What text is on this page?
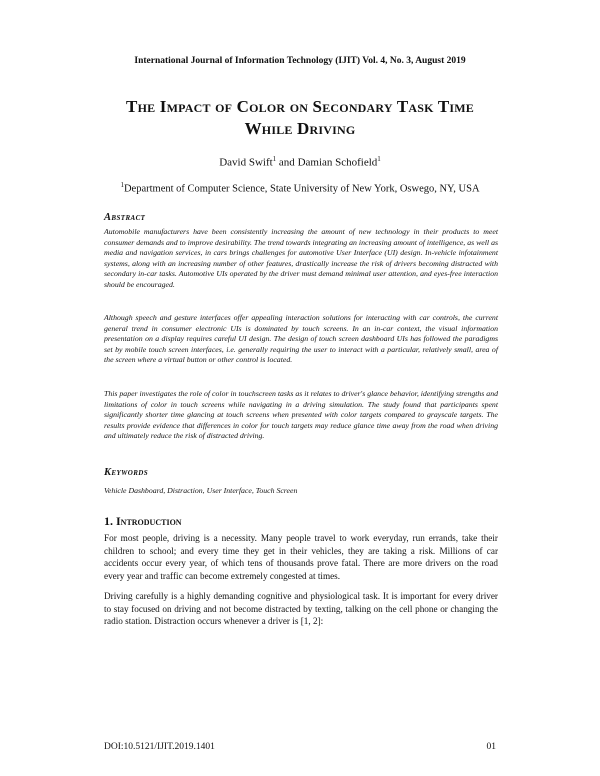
International Journal of Information Technology (IJIT) Vol. 4, No. 3, August 2019
The Impact of Color on Secondary Task Time While Driving
David Swift$^1$ and Damian Schofield$^1$
$^1$Department of Computer Science, State University of New York, Oswego, NY, USA
Abstract

Automobile manufacturers have been consistently increasing the amount of new technology in their products to meet consumer demands and to improve desirability. The trend towards integrating an increasing amount of intelligence, as well as media and navigation services, in cars brings challenges for automotive User Interface (UI) design. In-vehicle infotainment systems, along with an increasing number of other features, drastically increase the risk of drivers becoming distracted with secondary in-car tasks. Automotive UIs operated by the driver must demand minimal user attention, and eyes-free interaction should be encouraged.

Although speech and gesture interfaces offer appealing interaction solutions for interacting with car controls, the current general trend in consumer electronic UIs is dominated by touch screens. In an in-car context, the visual information presentation on a display requires careful UI design. The design of touch screen dashboard UIs has followed the paradigms set by mobile touch screen interfaces, i.e. generally requiring the user to interact with a particular, relatively small, area of the screen where a virtual button or other control is located.

This paper investigates the role of color in touchscreen tasks as it relates to driver's glance behavior, identifying strengths and limitations of color in touch screens while navigating in a driving simulation. The study found that participants spent significantly shorter time glancing at touch screens when presented with color targets compared to grayscale targets. The results provide evidence that differences in color for touch targets may reduce glance time away from the road when driving and ultimately reduce the risk of distracted driving.

Keywords
Vehicle Dashboard, Distraction, User Interface, Touch Screen
1. Introduction

For most people, driving is a necessity. Many people travel to work everyday, run errands, take their children to school; and every time they get in their vehicles, they are taking a risk. Millions of car accidents occur every year, of which tens of thousands prove fatal. There are more drivers on the road every year and traffic can become extremely congested at times.

Driving carefully is a highly demanding cognitive and physiological task. It is important for every driver to stay focused on driving and not become distracted by texting, talking on the cell phone or changing the radio station. Distraction occurs whenever a driver is [1, 2]:

DOI:10.5121/IJIT.2019.1401	01
